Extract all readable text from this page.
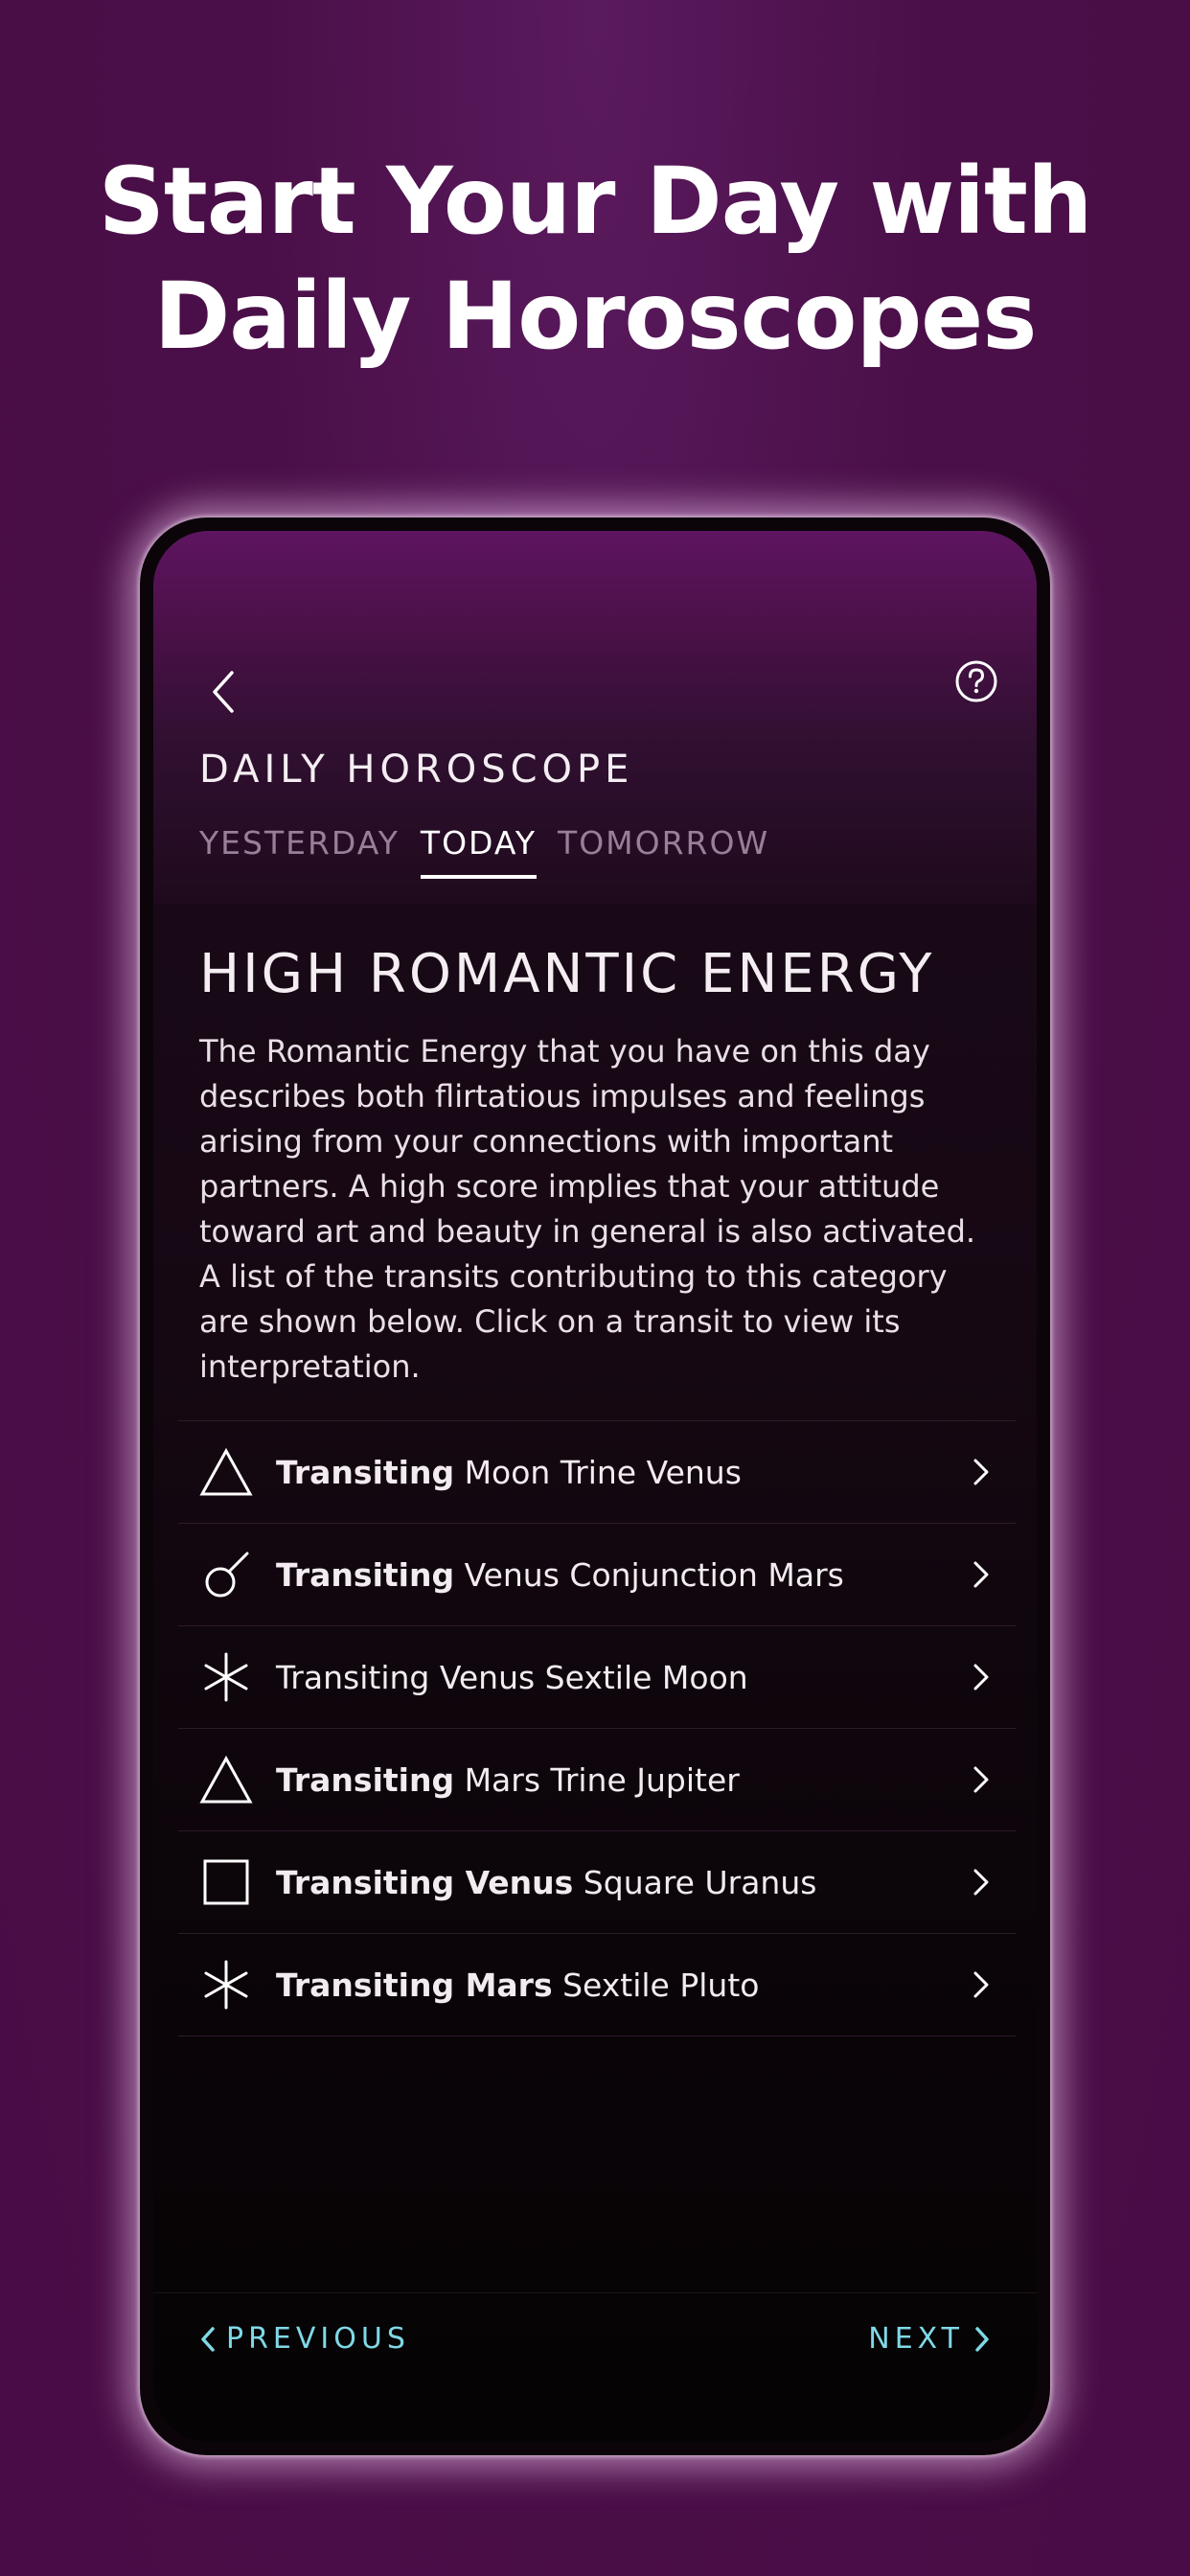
Start Your Day with
Daily Horoscopes
DAILY HOROSCOPE
YESTERDAY TODAY TOMORROW
HIGH ROMANTIC ENERGY

The Romantic Energy that you have on this day describes both flirtatious impulses and feelings arising from your connections with important partners. A high score implies that your attitude toward art and beauty in general is also activated. A list of the transits contributing to this category are shown below. Click on a transit to view its interpretation.

Transiting Moon Trine Venus
Transiting Venus Conjunction Mars
Transiting Venus Sextile Moon
Transiting Mars Trine Jupiter
Transiting Venus Square Uranus
Transiting Mars Sextile Pluto
PREVIOUS	NEXT
